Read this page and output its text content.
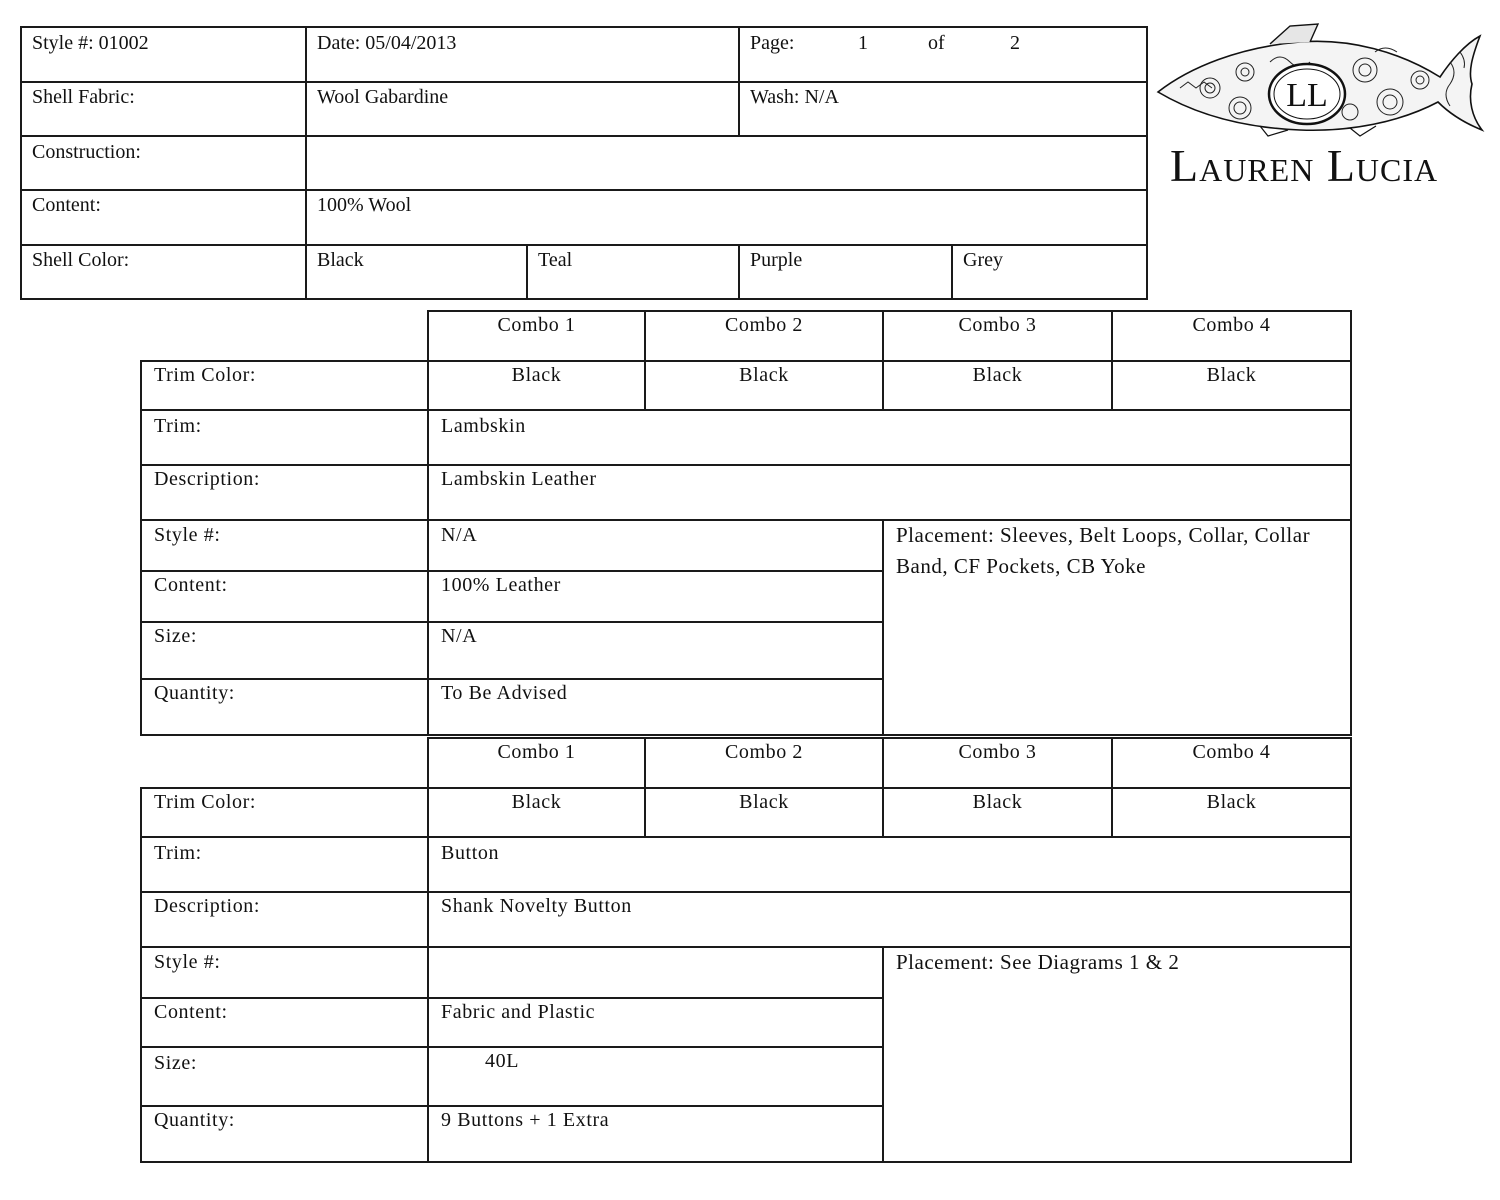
Style #: 01002	Date: 05/04/2013	Page:	1	of	2
Shell Fabric:	Wool Gabardine	Wash: N/A
Construction:
Content:	100% Wool
Shell Color:	Black	Teal	Purple	Grey
LL
Lauren Lucia
Combo 1	Combo 2	Combo 3	Combo 4
Trim Color:	Black	Black	Black	Black
Trim:	Lambskin
Description:	Lambskin Leather
Style #:	N/A
Content:	100% Leather
Size:	N/A
Quantity:	To Be Advised
Placement: Sleeves, Belt Loops, Collar, Collar Band, CF Pockets, CB Yoke
Combo 1	Combo 2	Combo 3	Combo 4
Trim Color:	Black	Black	Black	Black
Trim:	Button
Description:	Shank Novelty Button
Style #:
Content:	Fabric and Plastic
Size:	40L
Quantity:	9 Buttons + 1 Extra
Placement: See Diagrams 1 & 2
